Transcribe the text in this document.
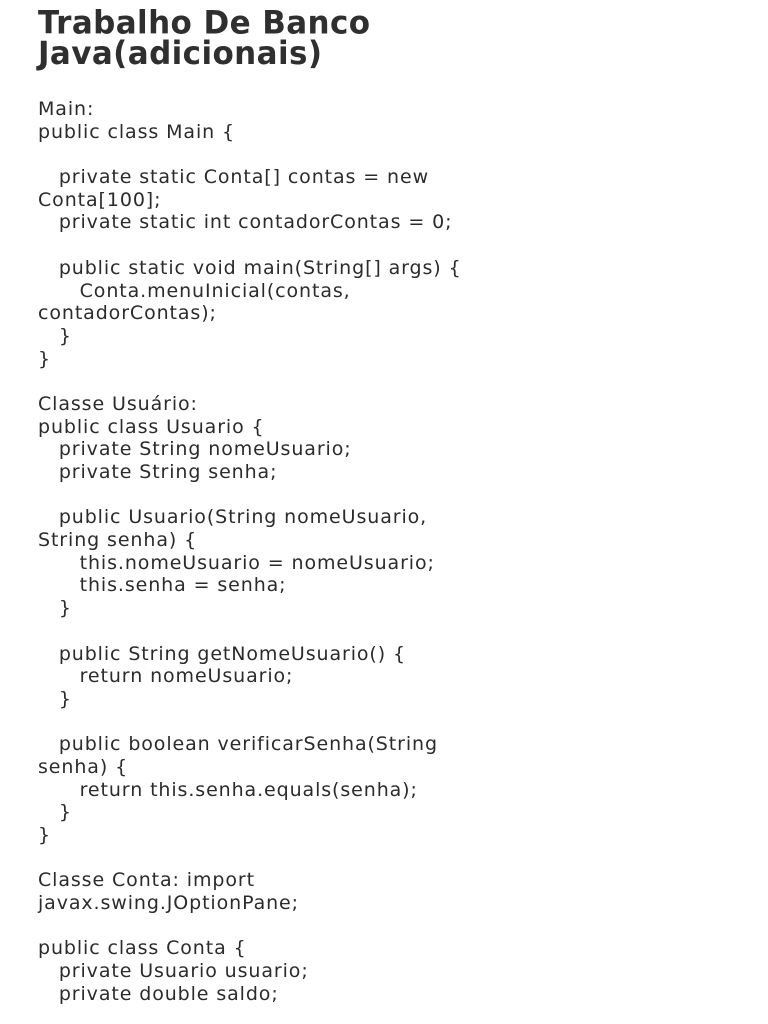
Trabalho De Banco
Java(adicionais)
Main:
public class Main {
private static Conta[] contas = new
Conta[100];
private static int contadorContas = 0;
public static void main(String[] args) {
Conta.menuInicial(contas,
contadorContas);
}
}
Classe Usuário:
public class Usuario {
private String nomeUsuario;
private String senha;
public Usuario(String nomeUsuario,
String senha) {
this.nomeUsuario = nomeUsuario;
this.senha = senha;
}
public String getNomeUsuario() {
return nomeUsuario;
}
public boolean verificarSenha(String
senha) {
return this.senha.equals(senha);
}
}
Classe Conta: import
javax.swing.JOptionPane;
public class Conta {
private Usuario usuario;
private double saldo;
